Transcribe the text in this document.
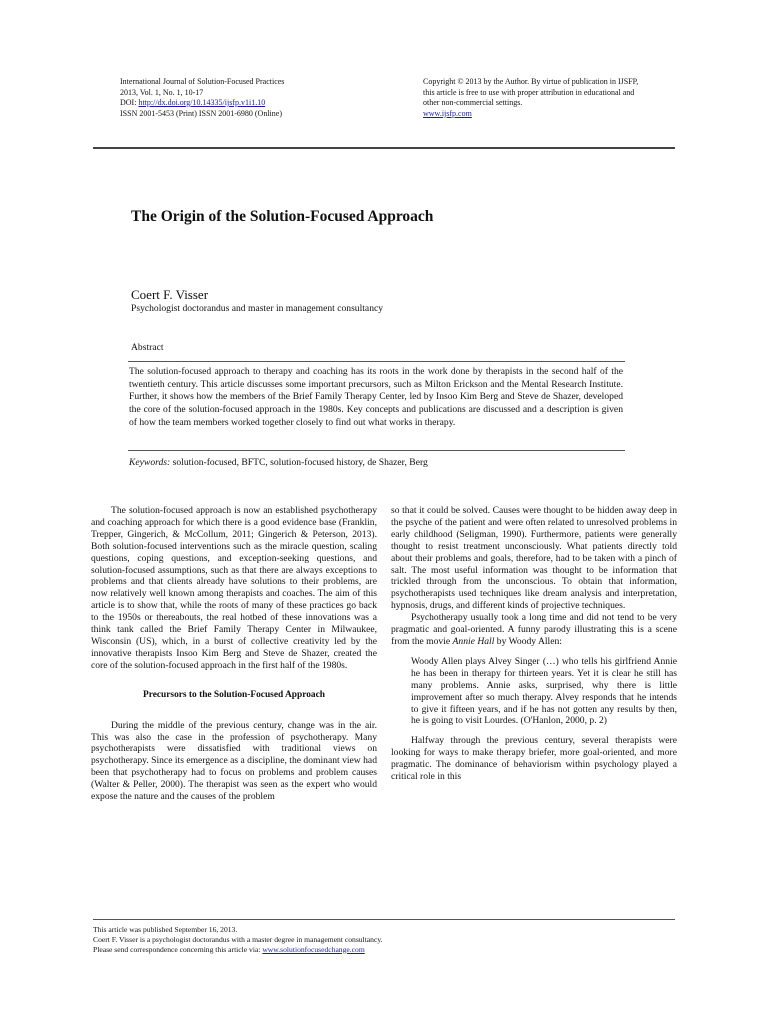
International Journal of Solution-Focused Practices
2013, Vol. 1, No. 1, 10-17
DOI: http://dx.doi.org/10.14335/ijsfp.v1i1.10
ISSN 2001-5453 (Print) ISSN 2001-6980 (Online)
Copyright © 2013 by the Author. By virtue of publication in IJSFP,
this article is free to use with proper attribution in educational and
other non-commercial settings.
www.ijsfp.com
The Origin of the Solution-Focused Approach
Coert F. Visser
Psychologist doctorandus and master in management consultancy
Abstract
The solution-focused approach to therapy and coaching has its roots in the work done by therapists in the second half of the twentieth century. This article discusses some important precursors, such as Milton Erickson and the Mental Research Institute. Further, it shows how the members of the Brief Family Therapy Center, led by Insoo Kim Berg and Steve de Shazer, developed the core of the solution-focused approach in the 1980s. Key concepts and publications are discussed and a description is given of how the team members worked together closely to find out what works in therapy.
Keywords: solution-focused, BFTC, solution-focused history, de Shazer, Berg

The solution-focused approach is now an established psychotherapy and coaching approach for which there is a good evidence base (Franklin, Trepper, Gingerich, & McCollum, 2011; Gingerich & Peterson, 2013). Both solution-focused interventions such as the miracle question, scaling questions, coping questions, and exception-seeking questions, and solution-focused assumptions, such as that there are always exceptions to problems and that clients already have solutions to their problems, are now relatively well known among therapists and coaches. The aim of this article is to show that, while the roots of many of these practices go back to the 1950s or thereabouts, the real hotbed of these innovations was a think tank called the Brief Family Therapy Center in Milwaukee, Wisconsin (US), which, in a burst of collective creativity led by the innovative therapists Insoo Kim Berg and Steve de Shazer, created the core of the solution-focused approach in the first half of the 1980s.

Precursors to the Solution-Focused Approach

During the middle of the previous century, change was in the air. This was also the case in the profession of psychotherapy. Many psychotherapists were dissatisfied with traditional views on psychotherapy. Since its emergence as a discipline, the dominant view had been that psychotherapy had to focus on problems and problem causes (Walter & Peller, 2000). The therapist was seen as the expert who would expose the nature and the causes of the problem

so that it could be solved. Causes were thought to be hidden away deep in the psyche of the patient and were often related to unresolved problems in early childhood (Seligman, 1990). Furthermore, patients were generally thought to resist treatment unconsciously. What patients directly told about their problems and goals, therefore, had to be taken with a pinch of salt. The most useful information was thought to be information that trickled through from the unconscious. To obtain that information, psychotherapists used techniques like dream analysis and interpretation, hypnosis, drugs, and different kinds of projective techniques.

Psychotherapy usually took a long time and did not tend to be very pragmatic and goal-oriented. A funny parody illustrating this is a scene from the movie Annie Hall by Woody Allen:

Woody Allen plays Alvey Singer (…) who tells his girlfriend Annie he has been in therapy for thirteen years. Yet it is clear he still has many problems. Annie asks, surprised, why there is little improvement after so much therapy. Alvey responds that he intends to give it fifteen years, and if he has not gotten any results by then, he is going to visit Lourdes. (O'Hanlon, 2000, p. 2)

Halfway through the previous century, several therapists were looking for ways to make therapy briefer, more goal-oriented, and more pragmatic. The dominance of behaviorism within psychology played a critical role in this

This article was published September 16, 2013.
Coert F. Visser is a psychologist doctorandus with a master degree in management consultancy.
Please send correspondence concerning this article via: www.solutionfocusedchange.com
